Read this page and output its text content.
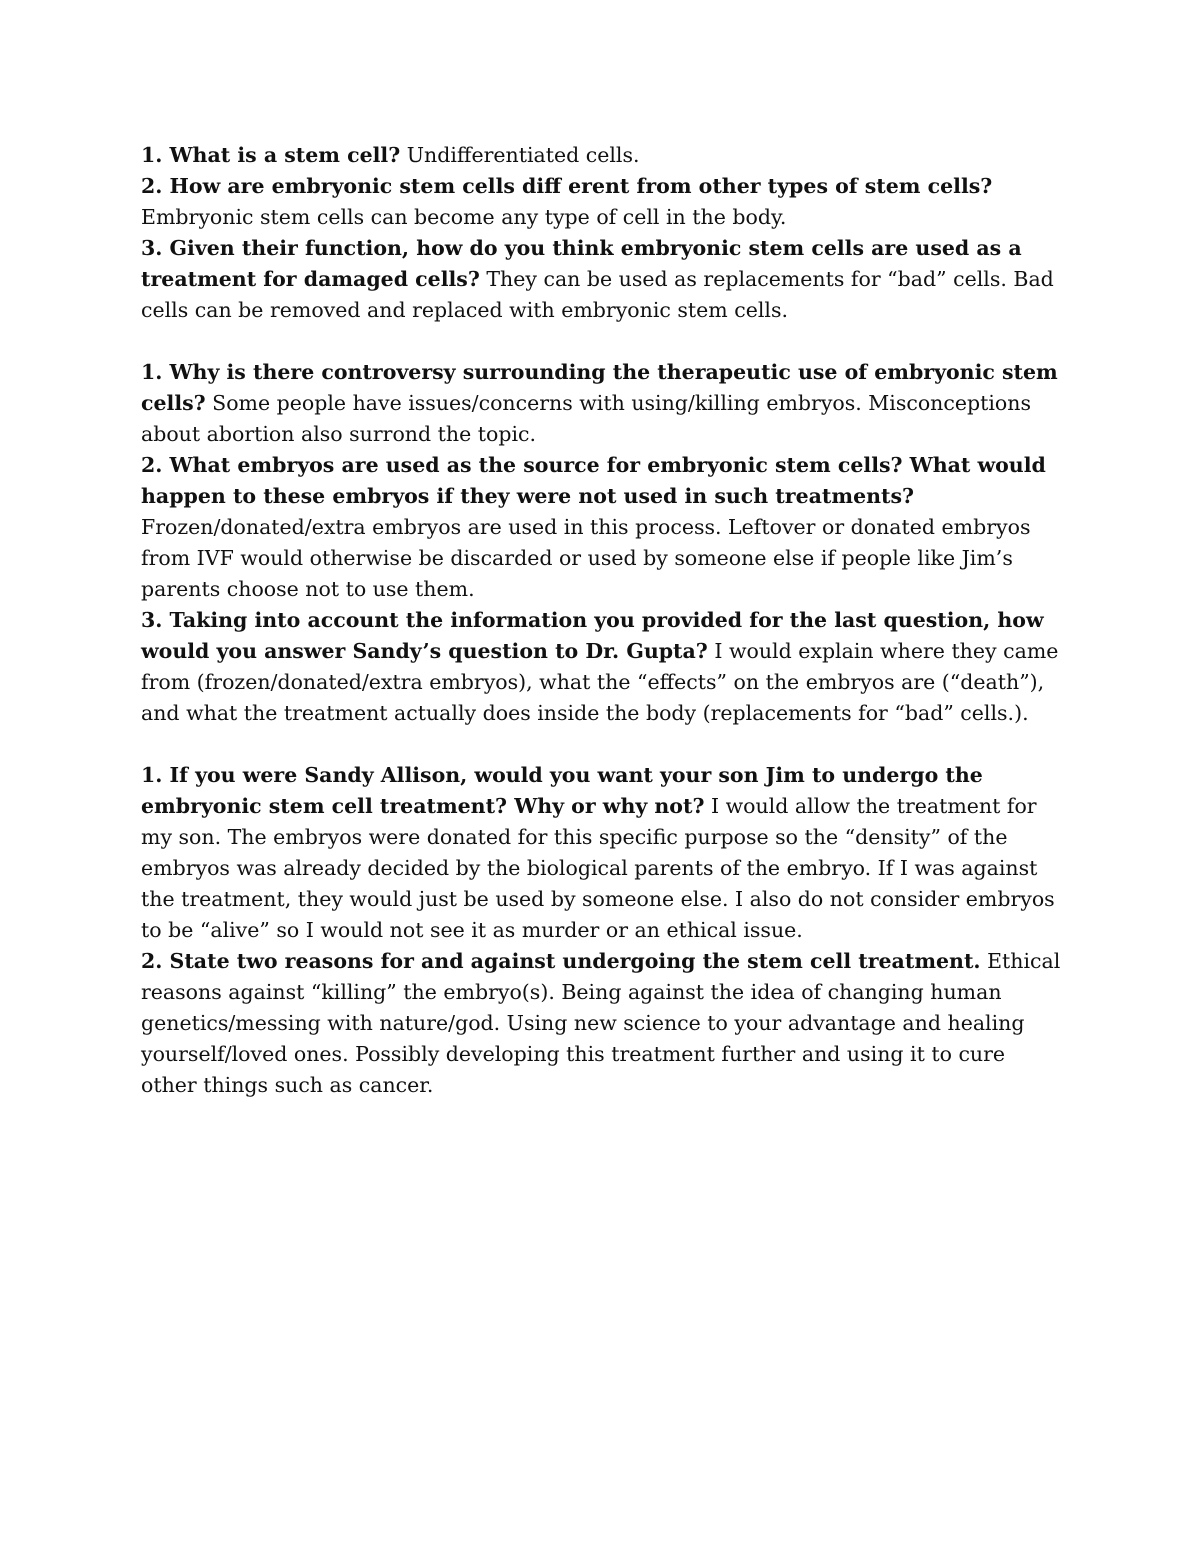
1. What is a stem cell? Undifferentiated cells.

2. How are embryonic stem cells diff erent from other types of stem cells? Embryonic stem cells can become any type of cell in the body.

3. Given their function, how do you think embryonic stem cells are used as a treatment for damaged cells? They can be used as replacements for “bad” cells. Bad cells can be removed and replaced with embryonic stem cells.

1. Why is there controversy surrounding the therapeutic use of embryonic stem cells? Some people have issues/concerns with using/killing embryos. Misconceptions about abortion also surrond the topic.

2. What embryos are used as the source for embryonic stem cells? What would happen to these embryos if they were not used in such treatments? Frozen/donated/extra embryos are used in this process. Leftover or donated embryos from IVF would otherwise be discarded or used by someone else if people like Jim’s parents choose not to use them.

3. Taking into account the information you provided for the last question, how would you answer Sandy’s question to Dr. Gupta? I would explain where they came from (frozen/donated/extra embryos), what the “effects” on the embryos are (“death”), and what the treatment actually does inside the body (replacements for “bad” cells.).

1. If you were Sandy Allison, would you want your son Jim to undergo the embryonic stem cell treatment? Why or why not? I would allow the treatment for my son. The embryos were donated for this specific purpose so the “density” of the embryos was already decided by the biological parents of the embryo. If I was against the treatment, they would just be used by someone else. I also do not consider embryos to be “alive” so I would not see it as murder or an ethical issue.

2. State two reasons for and against undergoing the stem cell treatment. Ethical reasons against “killing” the embryo(s). Being against the idea of changing human genetics/messing with nature/god. Using new science to your advantage and healing yourself/loved ones. Possibly developing this treatment further and using it to cure other things such as cancer.
